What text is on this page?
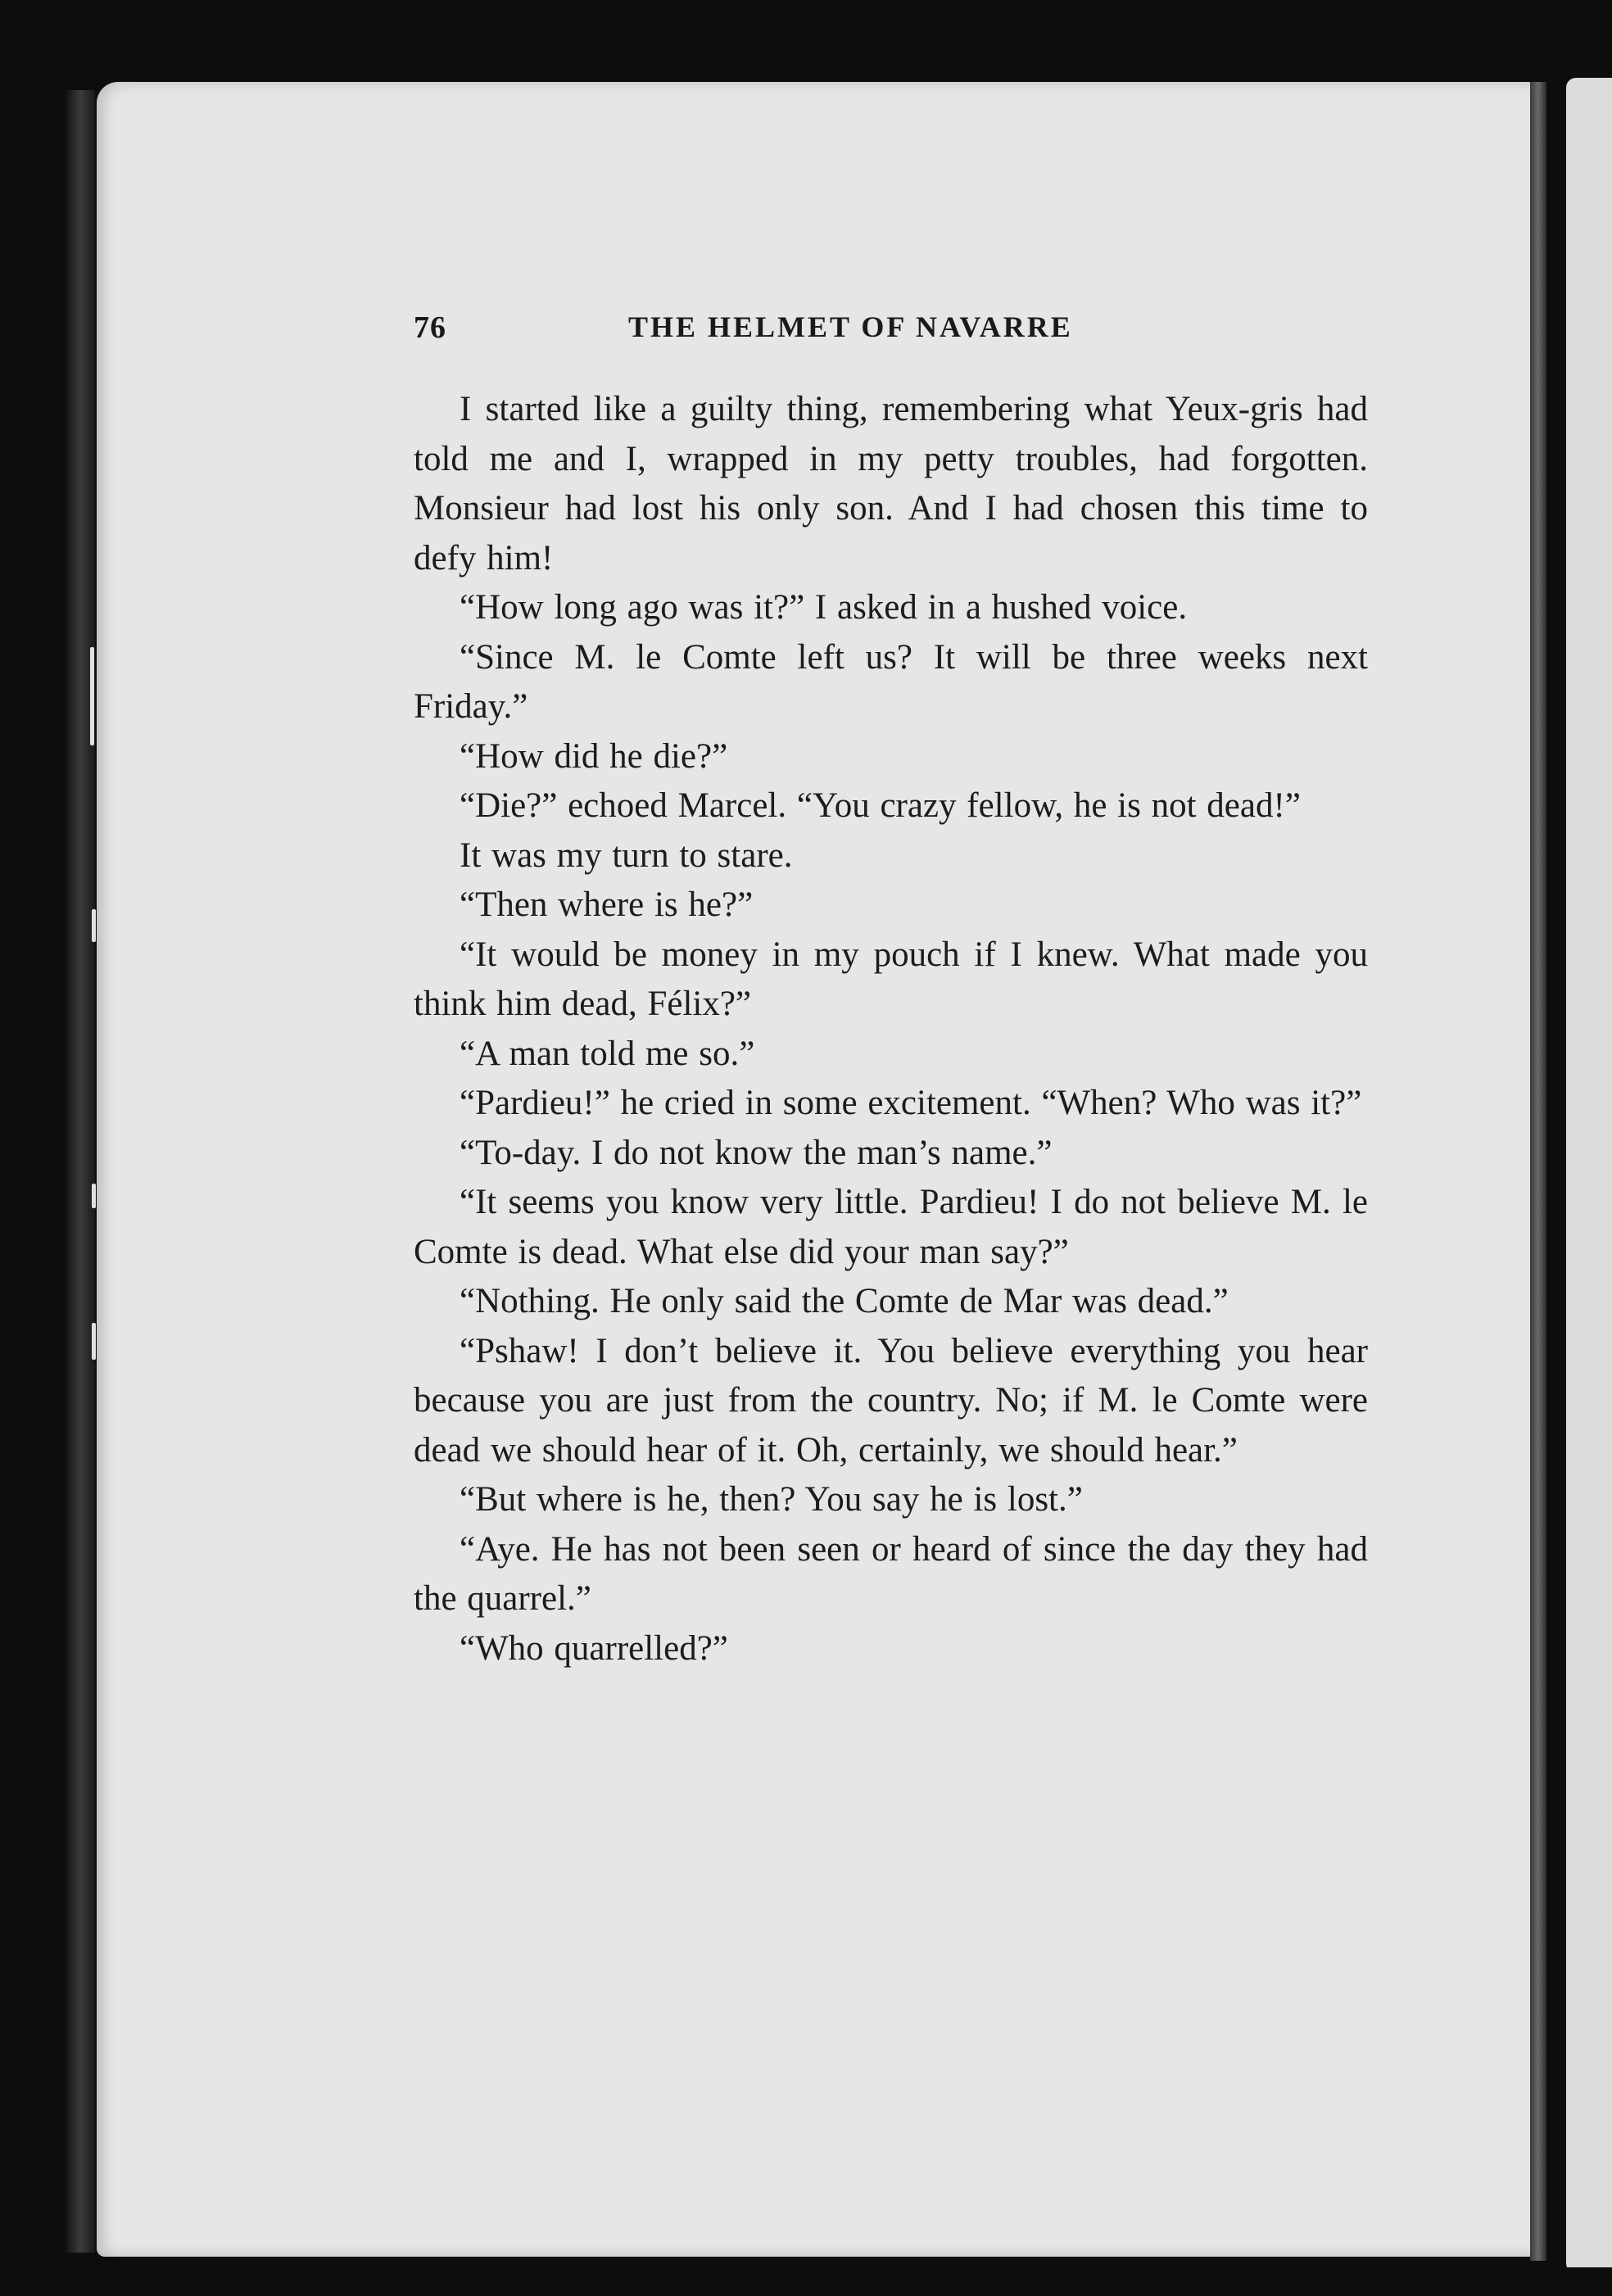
76	THE HELMET OF NAVARRE

I started like a guilty thing, remembering what Yeux-gris had told me and I, wrapped in my petty troubles, had forgotten. Monsieur had lost his only son. And I had chosen this time to defy him!

“How long ago was it?” I asked in a hushed voice.

“Since M. le Comte left us? It will be three weeks next Friday.”

“How did he die?”

“Die?” echoed Marcel. “You crazy fellow, he is not dead!”

It was my turn to stare.

“Then where is he?”

“It would be money in my pouch if I knew. What made you think him dead, Félix?”

“A man told me so.”

“Pardieu!” he cried in some excitement. “When? Who was it?”

“To-day. I do not know the man’s name.”

“It seems you know very little. Pardieu! I do not believe M. le Comte is dead. What else did your man say?”

“Nothing. He only said the Comte de Mar was dead.”

“Pshaw! I don’t believe it. You believe everything you hear because you are just from the country. No; if M. le Comte were dead we should hear of it. Oh, certainly, we should hear.”

“But where is he, then? You say he is lost.”

“Aye. He has not been seen or heard of since the day they had the quarrel.”

“Who quarrelled?”
